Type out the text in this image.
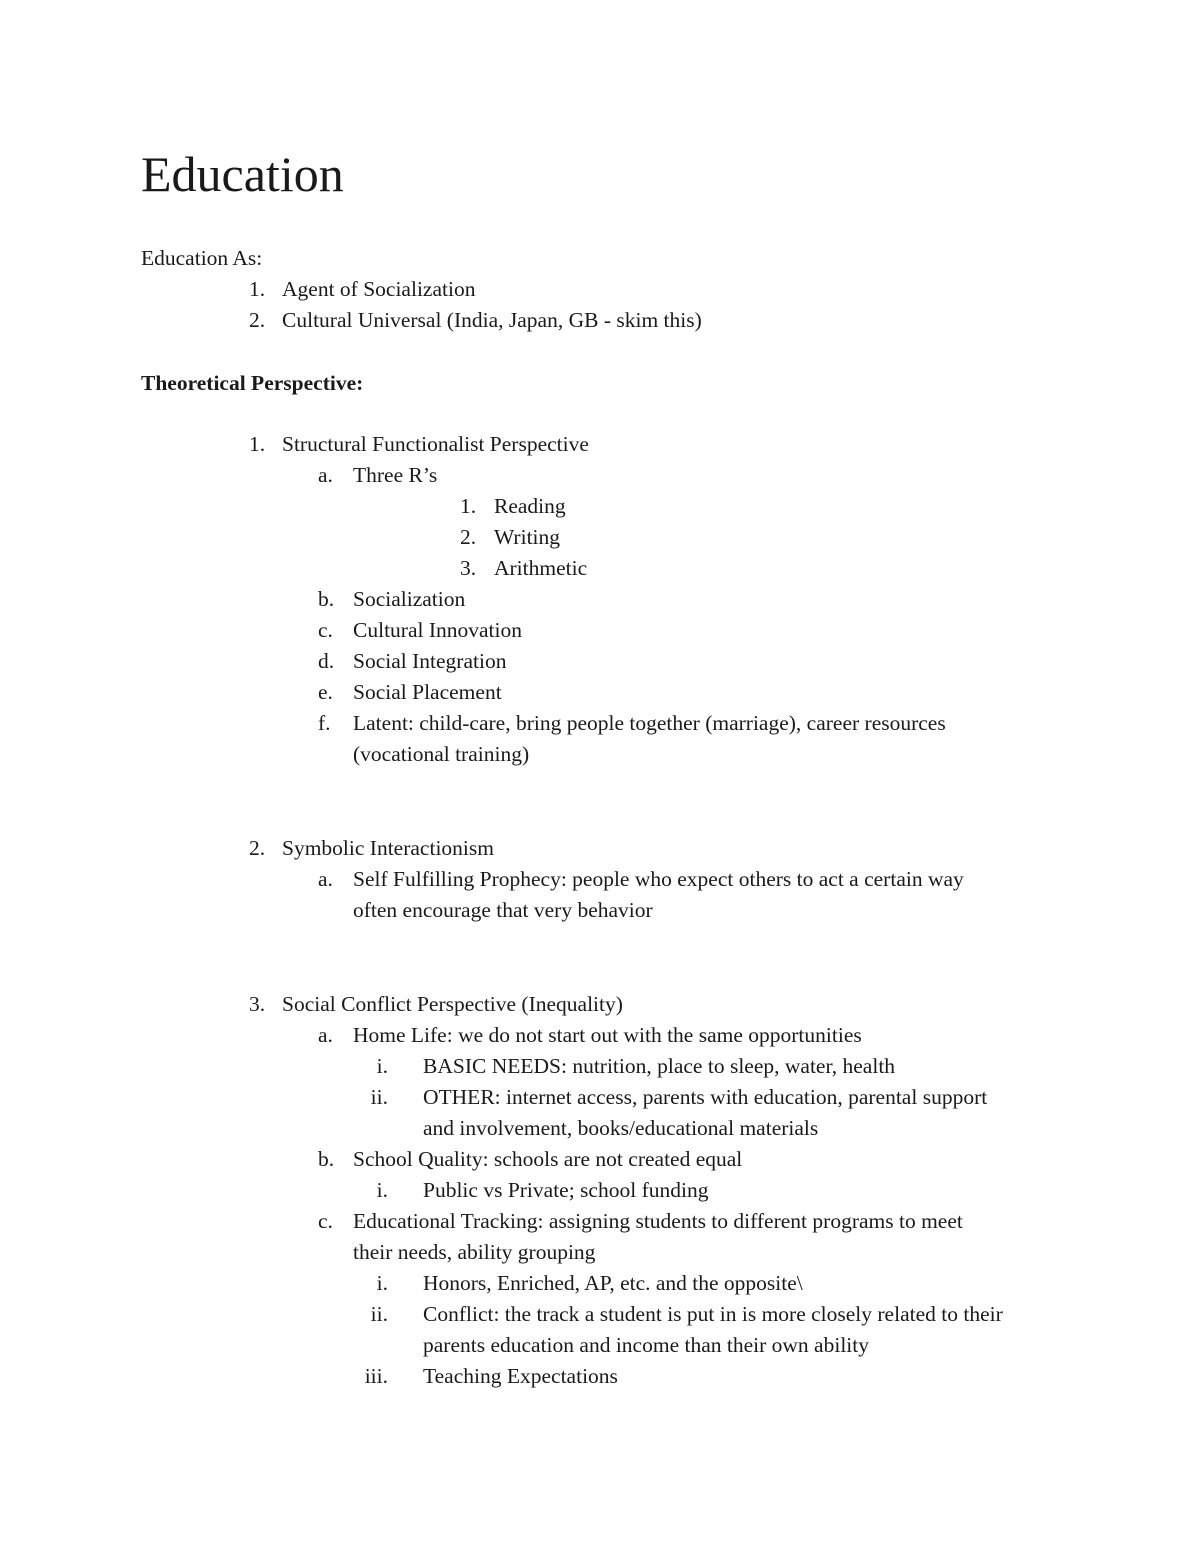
Education
Education As:
1. Agent of Socialization
2. Cultural Universal (India, Japan, GB - skim this)
Theoretical Perspective:
1. Structural Functionalist Perspective
a. Three R’s
1. Reading
2. Writing
3. Arithmetic
b. Socialization
c. Cultural Innovation
d. Social Integration
e. Social Placement
f. Latent: child-care, bring people together (marriage), career resources
(vocational training)
2. Symbolic Interactionism
a. Self Fulfilling Prophecy: people who expect others to act a certain way
often encourage that very behavior
3. Social Conflict Perspective (Inequality)
a. Home Life: we do not start out with the same opportunities
i. BASIC NEEDS: nutrition, place to sleep, water, health
ii. OTHER: internet access, parents with education, parental support
and involvement, books/educational materials
b. School Quality: schools are not created equal
i. Public vs Private; school funding
c. Educational Tracking: assigning students to different programs to meet
their needs, ability grouping
i. Honors, Enriched, AP, etc. and the opposite\
ii. Conflict: the track a student is put in is more closely related to their
parents education and income than their own ability
iii. Teaching Expectations
